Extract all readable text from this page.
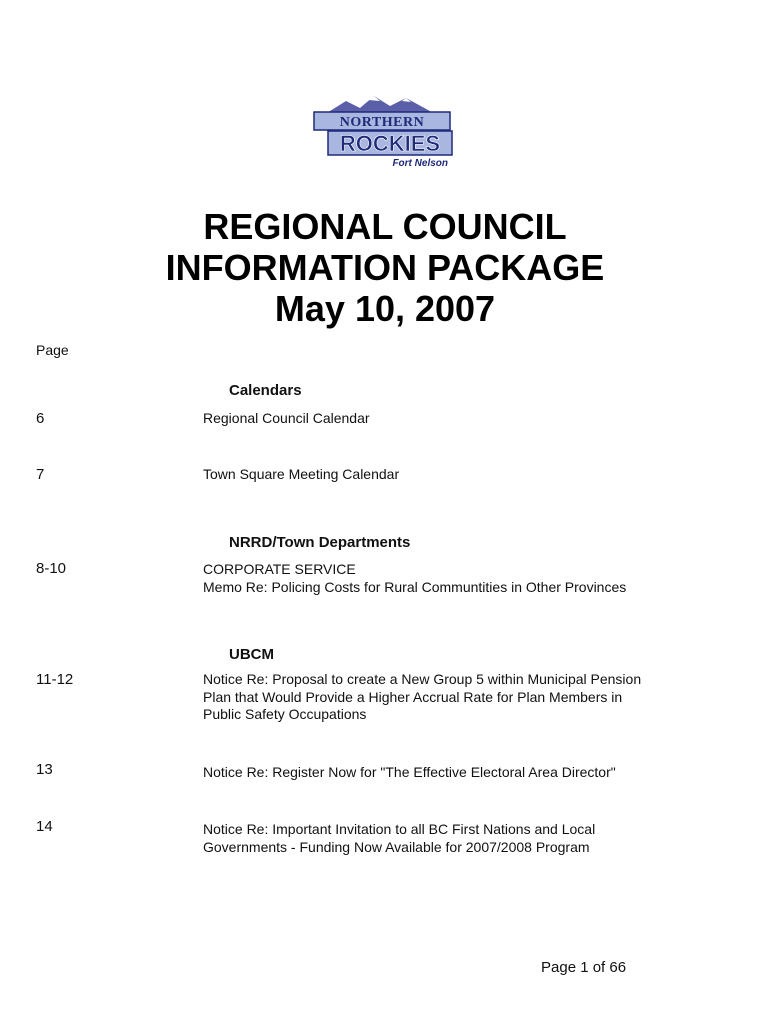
NORTHERN
ROCKIES
Fort Nelson
REGIONAL COUNCIL
INFORMATION PACKAGE
May 10, 2007
Page
Calendars
6	Regional Council Calendar
7	Town Square Meeting Calendar
NRRD/Town Departments
8-10	CORPORATE SERVICE
Memo Re: Policing Costs for Rural Communtities in Other Provinces
UBCM
11-12	Notice Re: Proposal to create a New Group 5 within Municipal Pension
Plan that Would Provide a Higher Accrual Rate for Plan Members in
Public Safety Occupations
13	Notice Re: Register Now for "The Effective Electoral Area Director"
14	Notice Re: Important Invitation to all BC First Nations and Local
Governments - Funding Now Available for 2007/2008 Program
Page 1 of 66
